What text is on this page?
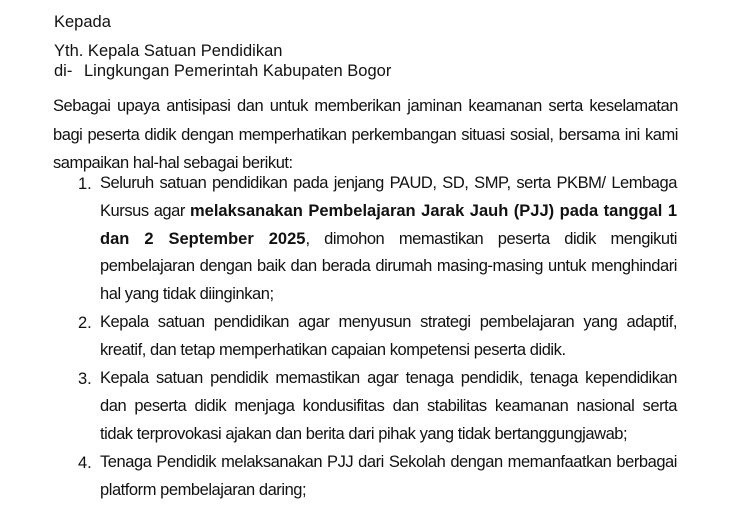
Kepada
Yth. Kepala Satuan Pendidikan
di- Lingkungan Pemerintah Kabupaten Bogor
Sebagai upaya antisipasi dan untuk memberikan jaminan keamanan serta keselamatan bagi peserta didik dengan memperhatikan perkembangan situasi sosial, bersama ini kami sampaikan hal-hal sebagai berikut:
1. Seluruh satuan pendidikan pada jenjang PAUD, SD, SMP, serta PKBM/ Lembaga Kursus agar melaksanakan Pembelajaran Jarak Jauh (PJJ) pada tanggal 1 dan 2 September 2025, dimohon memastikan peserta didik mengikuti pembelajaran dengan baik dan berada dirumah masing-masing untuk menghindari hal yang tidak diinginkan;
2. Kepala satuan pendidikan agar menyusun strategi pembelajaran yang adaptif, kreatif, dan tetap memperhatikan capaian kompetensi peserta didik.
3. Kepala satuan pendidik memastikan agar tenaga pendidik, tenaga kependidikan dan peserta didik menjaga kondusifitas dan stabilitas keamanan nasional serta tidak terprovokasi ajakan dan berita dari pihak yang tidak bertanggungjawab;
4. Tenaga Pendidik melaksanakan PJJ dari Sekolah dengan memanfaatkan berbagai platform pembelajaran daring;
